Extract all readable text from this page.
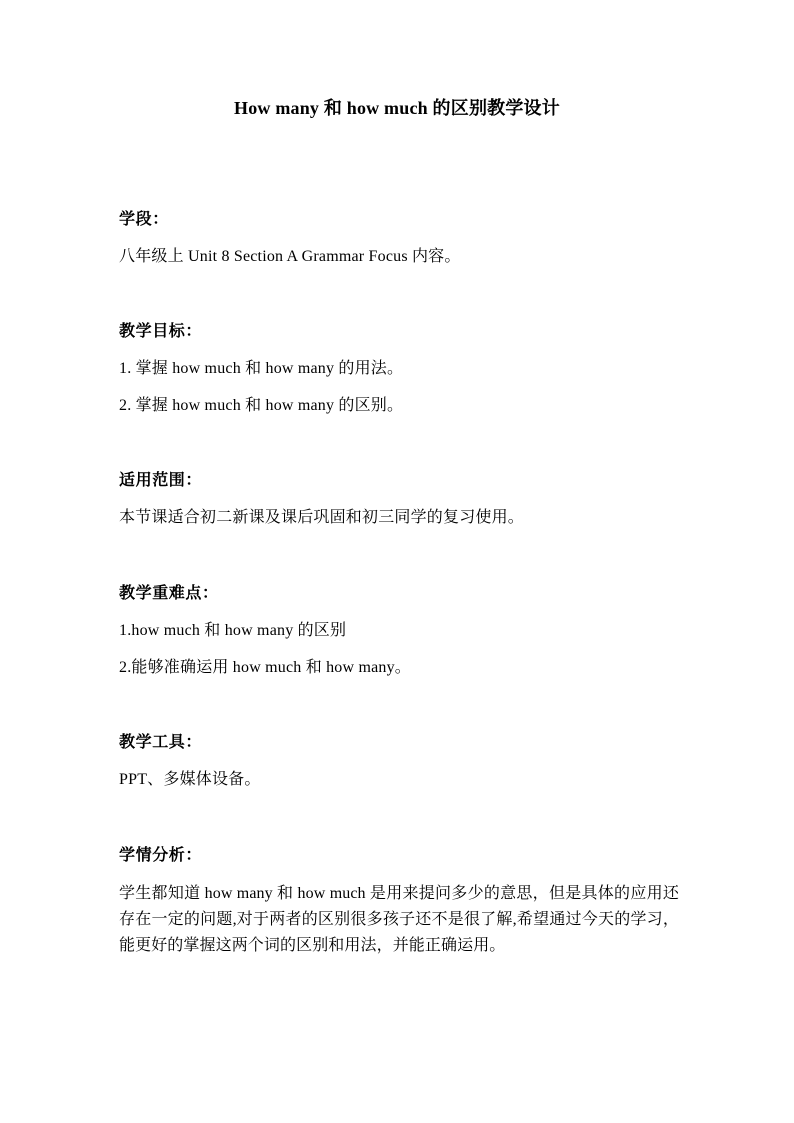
How many 和 how much 的区别教学设计

学段：

八年级上 Unit 8 Section A Grammar Focus 内容。

教学目标：

1. 掌握 how much 和 how many 的用法。

2. 掌握 how much 和 how many 的区别。

适用范围：

本节课适合初二新课及课后巩固和初三同学的复习使用。

教学重难点：

1.how much 和 how many 的区别

2.能够准确运用 how much 和 how many。

教学工具：

PPT、多媒体设备。

学情分析：

学生都知道 how many 和 how much 是用来提问多少的意思，但是具体的应用还存在一定的问题,对于两者的区别很多孩子还不是很了解,希望通过今天的学习，能更好的掌握这两个词的区别和用法，并能正确运用。
